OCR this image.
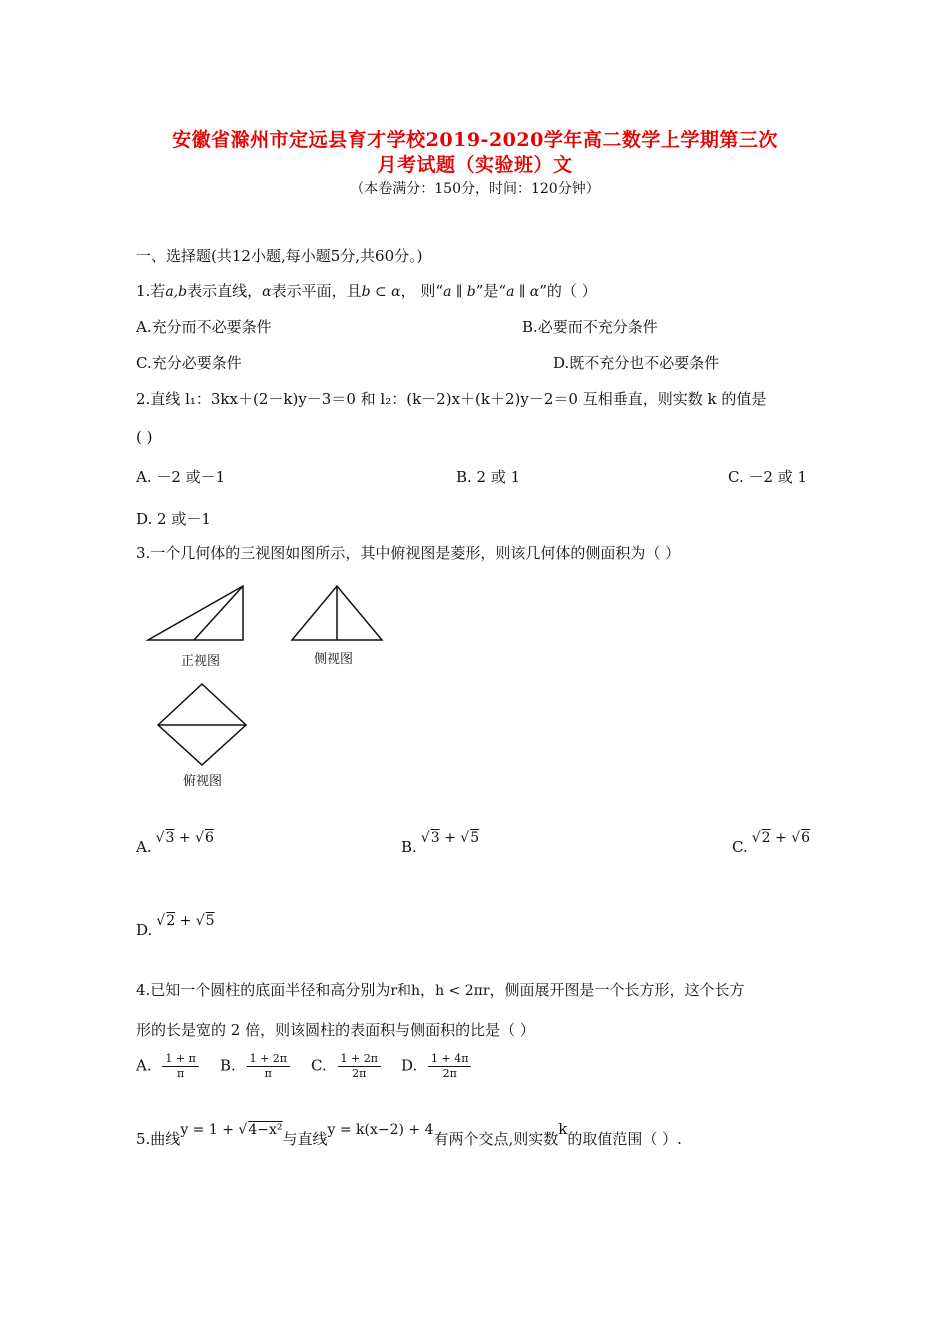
安徽省滁州市定远县育才学校2019-2020学年高二数学上学期第三次
月考试题（实验班）文
（本卷满分：150分，时间：120分钟）
一、选择题(共12小题,每小题5分,共60分。)
1.若a,b表示直线，α表示平面，且b ⊂ α， 则“a ∥ b”是“a ∥ α”的（ ）
A.充分而不必要条件	B.必要而不充分条件
C.充分必要条件	D.既不充分也不必要条件
2.直线 l₁：3kx＋(2－k)y－3＝0 和 l₂：(k－2)x＋(k＋2)y－2＝0 互相垂直，则实数 k 的值是
( )
A. －2 或－1	B. 2 或 1	C. －2 或 1
D. 2 或－1
3.一个几何体的三视图如图所示，其中俯视图是菱形，则该几何体的侧面积为（ ）
正视图	侧视图
俯视图
A. √3 + √6	B. √3 + √5	C. √2 + √6
D. √2 + √5
4.已知一个圆柱的底面半径和高分别为r和h，h < 2πr，侧面展开图是一个长方形，这个长方
形的长是宽的 2 倍，则该圆柱的表面积与侧面积的比是（ ）
A. $\frac{1 + \pi}{\pi} B$. $\frac{1 + 2\pi}{\pi} C$. $\frac{1 + 2\pi}{2\pi} D$. $\frac{1 + 4\pi}{2\pi}$
5.曲线y = 1 + √4−x²与直线y = k(x−2) + 4有两个交点,则实数k的取值范围（ ）.
